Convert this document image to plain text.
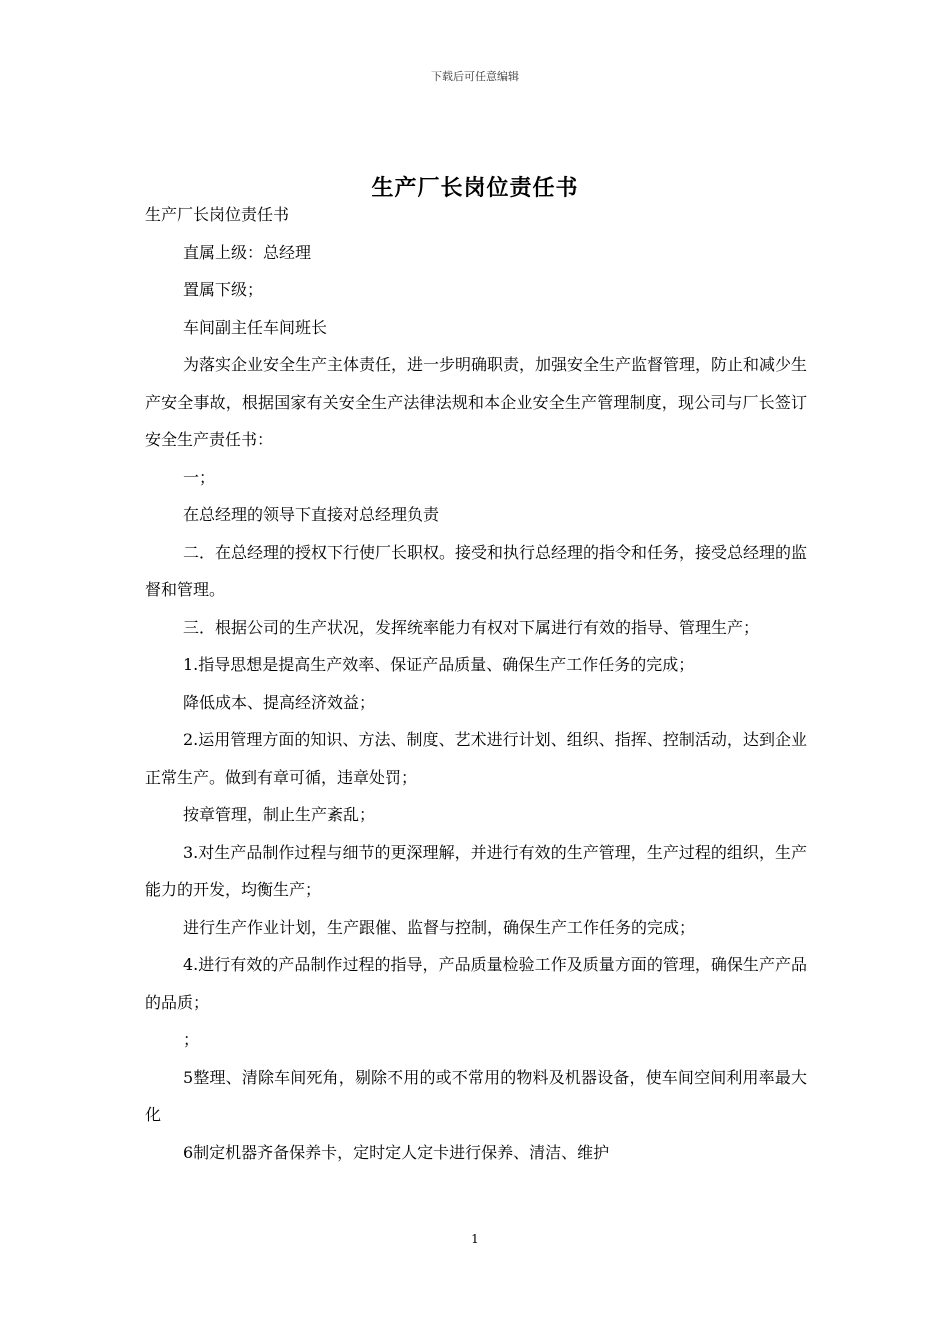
下载后可任意编辑
生产厂长岗位责任书

生产厂长岗位责任书

直属上级：总经理

置属下级；

车间副主任车间班长

为落实企业安全生产主体责任，进一步明确职责，加强安全生产监督管理，防止和减少生产安全事故，根据国家有关安全生产法律法规和本企业安全生产管理制度，现公司与厂长签订安全生产责任书：

一；

在总经理的领导下直接对总经理负责

二．在总经理的授权下行使厂长职权。接受和执行总经理的指令和任务，接受总经理的监督和管理。

三．根据公司的生产状况，发挥统率能力有权对下属进行有效的指导、管理生产；

1.指导思想是提高生产效率、保证产品质量、确保生产工作任务的完成；

降低成本、提高经济效益；

2.运用管理方面的知识、方法、制度、艺术进行计划、组织、指挥、控制活动，达到企业正常生产。做到有章可循，违章处罚；

按章管理，制止生产紊乱；

3.对生产品制作过程与细节的更深理解，并进行有效的生产管理，生产过程的组织，生产能力的开发，均衡生产；

进行生产作业计划，生产跟催、监督与控制，确保生产工作任务的完成；

4.进行有效的产品制作过程的指导，产品质量检验工作及质量方面的管理，确保生产产品的品质；

；

5整理、清除车间死角，剔除不用的或不常用的物料及机器设备，使车间空间利用率最大化

6制定机器齐备保养卡，定时定人定卡进行保养、清洁、维护

1
